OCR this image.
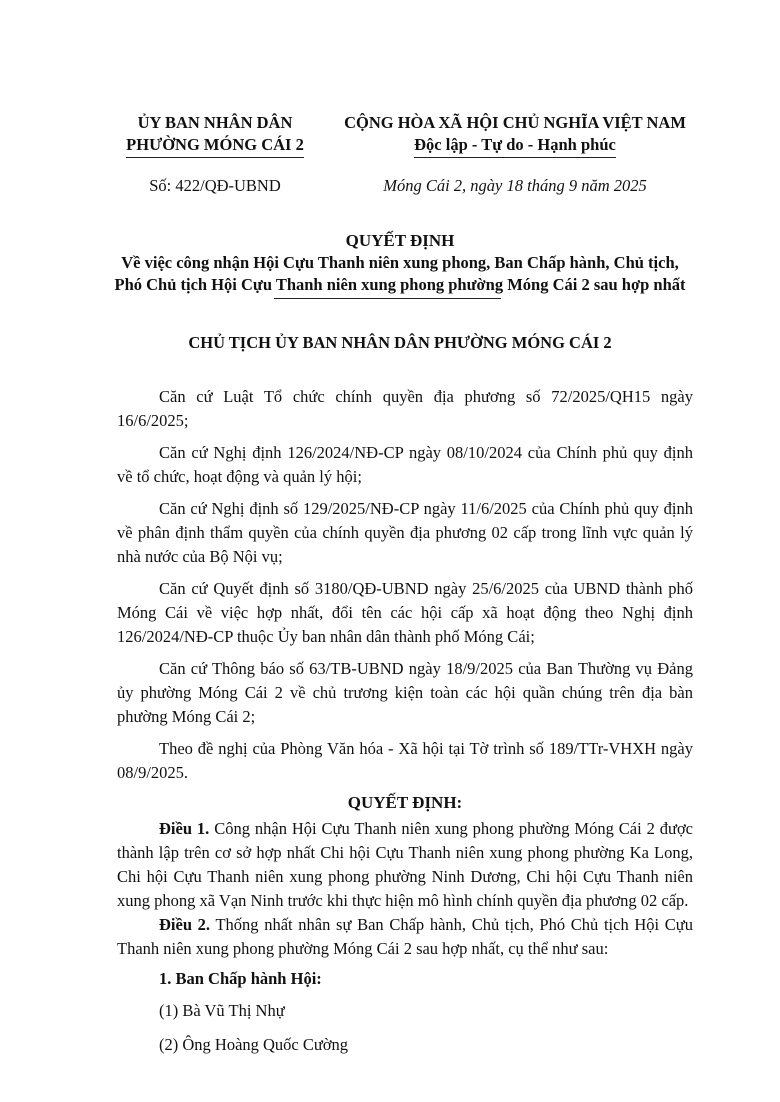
ỦY BAN NHÂN DÂN
PHƯỜNG MÓNG CÁI 2
CỘNG HÒA XÃ HỘI CHỦ NGHĨA VIỆT NAM
Độc lập - Tự do - Hạnh phúc
Số: 422/QĐ-UBND	Móng Cái 2, ngày 18 tháng 9 năm 2025
QUYẾT ĐỊNH
Về việc công nhận Hội Cựu Thanh niên xung phong, Ban Chấp hành, Chủ tịch,
Phó Chủ tịch Hội Cựu Thanh niên xung phong phường Móng Cái 2 sau hợp nhất
CHỦ TỊCH ỦY BAN NHÂN DÂN PHƯỜNG MÓNG CÁI 2

Căn cứ Luật Tổ chức chính quyền địa phương số 72/2025/QH15 ngày 16/6/2025;

Căn cứ Nghị định 126/2024/NĐ-CP ngày 08/10/2024 của Chính phủ quy định về tổ chức, hoạt động và quản lý hội;

Căn cứ Nghị định số 129/2025/NĐ-CP ngày 11/6/2025 của Chính phủ quy định về phân định thẩm quyền của chính quyền địa phương 02 cấp trong lĩnh vực quản lý nhà nước của Bộ Nội vụ;

Căn cứ Quyết định số 3180/QĐ-UBND ngày 25/6/2025 của UBND thành phố Móng Cái về việc hợp nhất, đổi tên các hội cấp xã hoạt động theo Nghị định 126/2024/NĐ-CP thuộc Ủy ban nhân dân thành phố Móng Cái;

Căn cứ Thông báo số 63/TB-UBND ngày 18/9/2025 của Ban Thường vụ Đảng ủy phường Móng Cái 2 về chủ trương kiện toàn các hội quần chúng trên địa bàn phường Móng Cái 2;

Theo đề nghị của Phòng Văn hóa - Xã hội tại Tờ trình số 189/TTr-VHXH ngày 08/9/2025.

QUYẾT ĐỊNH:

Điều 1. Công nhận Hội Cựu Thanh niên xung phong phường Móng Cái 2 được thành lập trên cơ sở hợp nhất Chi hội Cựu Thanh niên xung phong phường Ka Long, Chi hội Cựu Thanh niên xung phong phường Ninh Dương, Chi hội Cựu Thanh niên xung phong xã Vạn Ninh trước khi thực hiện mô hình chính quyền địa phương 02 cấp.

Điều 2. Thống nhất nhân sự Ban Chấp hành, Chủ tịch, Phó Chủ tịch Hội Cựu Thanh niên xung phong phường Móng Cái 2 sau hợp nhất, cụ thể như sau:

1. Ban Chấp hành Hội:

(1) Bà Vũ Thị Nhự

(2) Ông Hoàng Quốc Cường
